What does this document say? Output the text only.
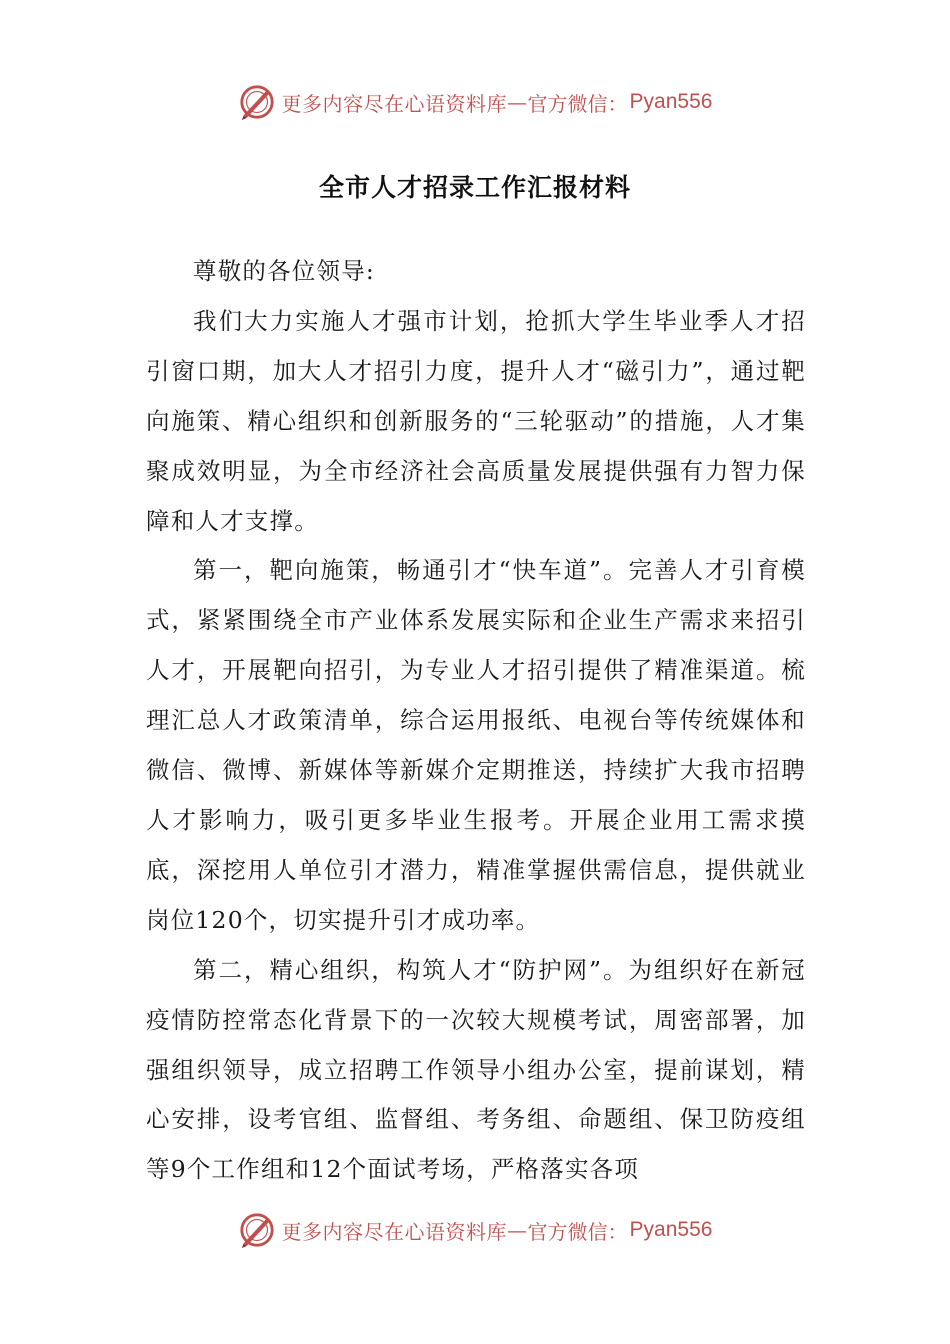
更多内容尽在心语资料库 — 官方微信： Pyan556
全市人才招录工作汇报材料

尊敬的各位领导:

我们大力实施人才强市计划，抢抓大学生毕业季人才招引窗口期，加大人才招引力度，提升人才“磁引力”，通过靶向施策、精心组织和创新服务的“三轮驱动”的措施，人才集聚成效明显，为全市经济社会高质量发展提供强有力智力保障和人才支撑。

第一，靶向施策，畅通引才“快车道”。完善人才引育模式，紧紧围绕全市产业体系发展实际和企业生产需求来招引人才，开展靶向招引，为专业人才招引提供了精准渠道。梳理汇总人才政策清单，综合运用报纸、电视台等传统媒体和微信、微博、新媒体等新媒介定期推送，持续扩大我市招聘人才影响力，吸引更多毕业生报考。开展企业用工需求摸底，深挖用人单位引才潜力，精准掌握供需信息，提供就业岗位120个，切实提升引才成功率。

第二，精心组织，构筑人才“防护网”。为组织好在新冠疫情防控常态化背景下的一次较大规模考试，周密部署，加强组织领导，成立招聘工作领导小组办公室，提前谋划，精心安排，设考官组、监督组、考务组、命题组、保卫防疫组等9个工作组和12个面试考场，严格落实各项

更多内容尽在心语资料库 — 官方微信： Pyan556
